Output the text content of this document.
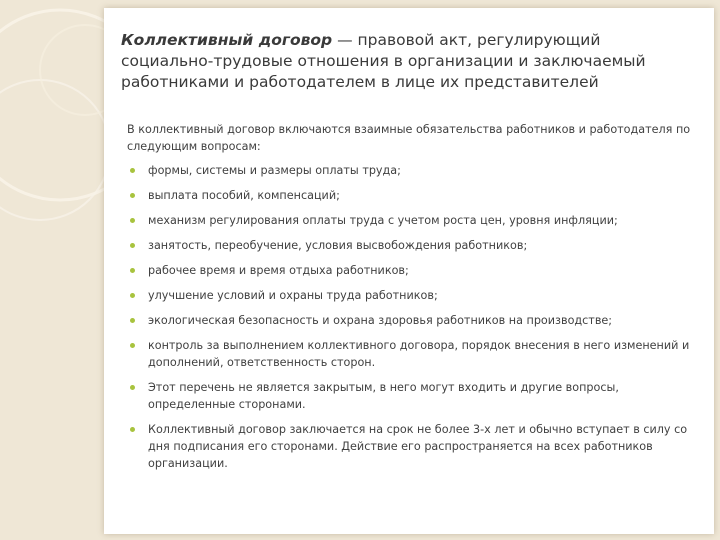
Коллективный договор — правовой акт, регулирующий социально-трудовые отношения в организации и заключаемый работниками и работодателем в лице их представителей

В коллективный договор включаются взаимные обязательства работников и работодателя по следующим вопросам:

формы, системы и размеры оплаты труда;
выплата пособий, компенсаций;
механизм регулирования оплаты труда с учетом роста цен, уровня инфляции;
занятость, переобучение, условия высвобождения работников;
рабочее время и время отдыха работников;
улучшение условий и охраны труда работников;
экологическая безопасность и охрана здоровья работников на производстве;
контроль за выполнением коллективного договора, порядок внесения в него изменений и дополнений, ответственность сторон.
Этот перечень не является закрытым, в него могут входить и другие вопросы, определенные сторонами.
Коллективный договор заключается на срок не более 3-х лет и обычно вступает в силу со дня подписания его сторонами. Действие его распространяется на всех работников организации.
